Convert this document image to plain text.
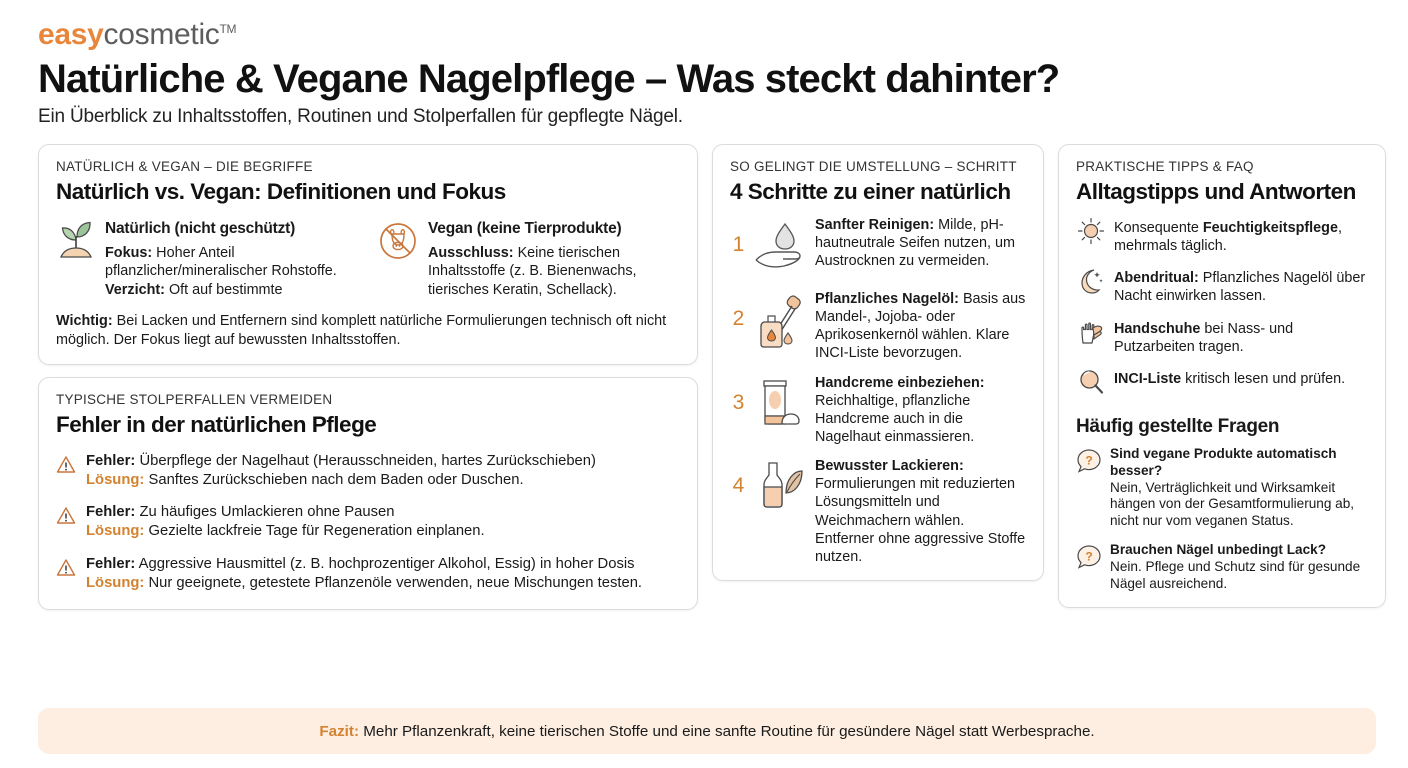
easycosmetic™
Natürliche & Vegane Nagelpflege – Was steckt dahinter?
Ein Überblick zu Inhaltsstoffen, Routinen und Stolperfallen für gepflegte Nägel.
NATÜRLICH & VEGAN – DIE BEGRIFFE
Natürlich vs. Vegan: Definitionen und Fokus
Natürlich (nicht geschützt)
Fokus: Hoher Anteil pflanzlicher/mineralischer Rohstoffe.
Verzicht: Oft auf bestimmte
Vegan (keine Tierprodukte)
Ausschluss: Keine tierischen Inhaltsstoffe (z. B. Bienenwachs, tierisches Keratin, Schellack).
Wichtig: Bei Lacken und Entfernern sind komplett natürliche Formulierungen technisch oft nicht möglich. Der Fokus liegt auf bewussten Inhaltsstoffen.
TYPISCHE STOLPERFALLEN VERMEIDEN
Fehler in der natürlichen Pflege
Fehler: Überpflege der Nagelhaut (Herausschneiden, hartes Zurückschieben)
Lösung: Sanftes Zurückschieben nach dem Baden oder Duschen.
Fehler: Zu häufiges Umlackieren ohne Pausen
Lösung: Gezielte lackfreie Tage für Regeneration einplanen.
Fehler: Aggressive Hausmittel (z. B. hochprozentiger Alkohol, Essig) in hoher Dosis
Lösung: Nur geeignete, getestete Pflanzenöle verwenden, neue Mischungen testen.
SO GELINGT DIE UMSTELLUNG – SCHRITT
4 Schritte zu einer natürlich
1
Sanfter Reinigen: Milde, pH-hautneutrale Seifen nutzen, um Austrocknen zu vermeiden.
2
Pflanzliches Nagelöl: Basis aus Mandel-, Jojoba- oder Aprikosenkernöl wählen. Klare INCI-Liste bevorzugen.
3
Handcreme einbeziehen: Reichhaltige, pflanzliche Handcreme auch in die Nagelhaut einmassieren.
4
Bewusster Lackieren: Formulierungen mit reduzierten Lösungsmitteln und Weichmachern wählen. Entferner ohne aggressive Stoffe nutzen.
PRAKTISCHE TIPPS & FAQ
Alltagstipps und Antworten
Konsequente Feuchtigkeitspflege, mehrmals täglich.
Abendritual: Pflanzliches Nagelöl über Nacht einwirken lassen.
Handschuhe bei Nass- und Putzarbeiten tragen.
INCI-Liste kritisch lesen und prüfen.
Häufig gestellte Fragen
? Sind vegane Produkte automatisch besser?
Nein, Verträglichkeit und Wirksamkeit hängen von der Gesamtformulierung ab, nicht nur vom veganen Status.
? Brauchen Nägel unbedingt Lack?
Nein. Pflege und Schutz sind für gesunde Nägel ausreichend.
Fazit: Mehr Pflanzenkraft, keine tierischen Stoffe und eine sanfte Routine für gesündere Nägel statt Werbesprache.
